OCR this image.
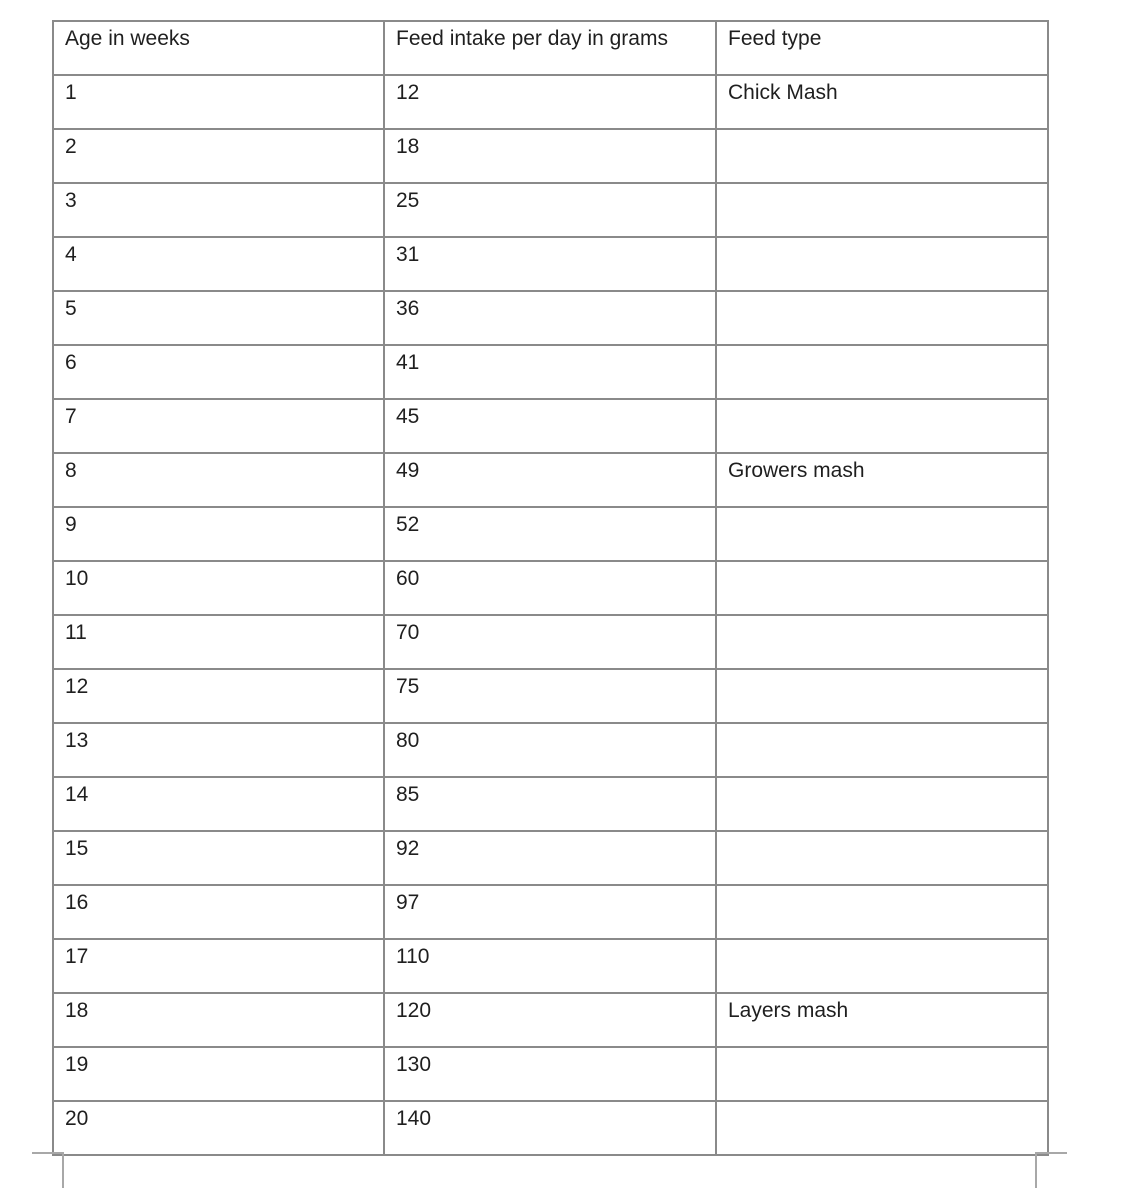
Age in weeks	Feed intake per day in grams	Feed type
1	12	Chick Mash
2	18	
3	25	
4	31	
5	36	
6	41	
7	45	
8	49	Growers mash
9	52	
10	60	
11	70	
12	75	
13	80	
14	85	
15	92	
16	97	
17	110	
18	120	Layers mash
19	130	
20	140	
